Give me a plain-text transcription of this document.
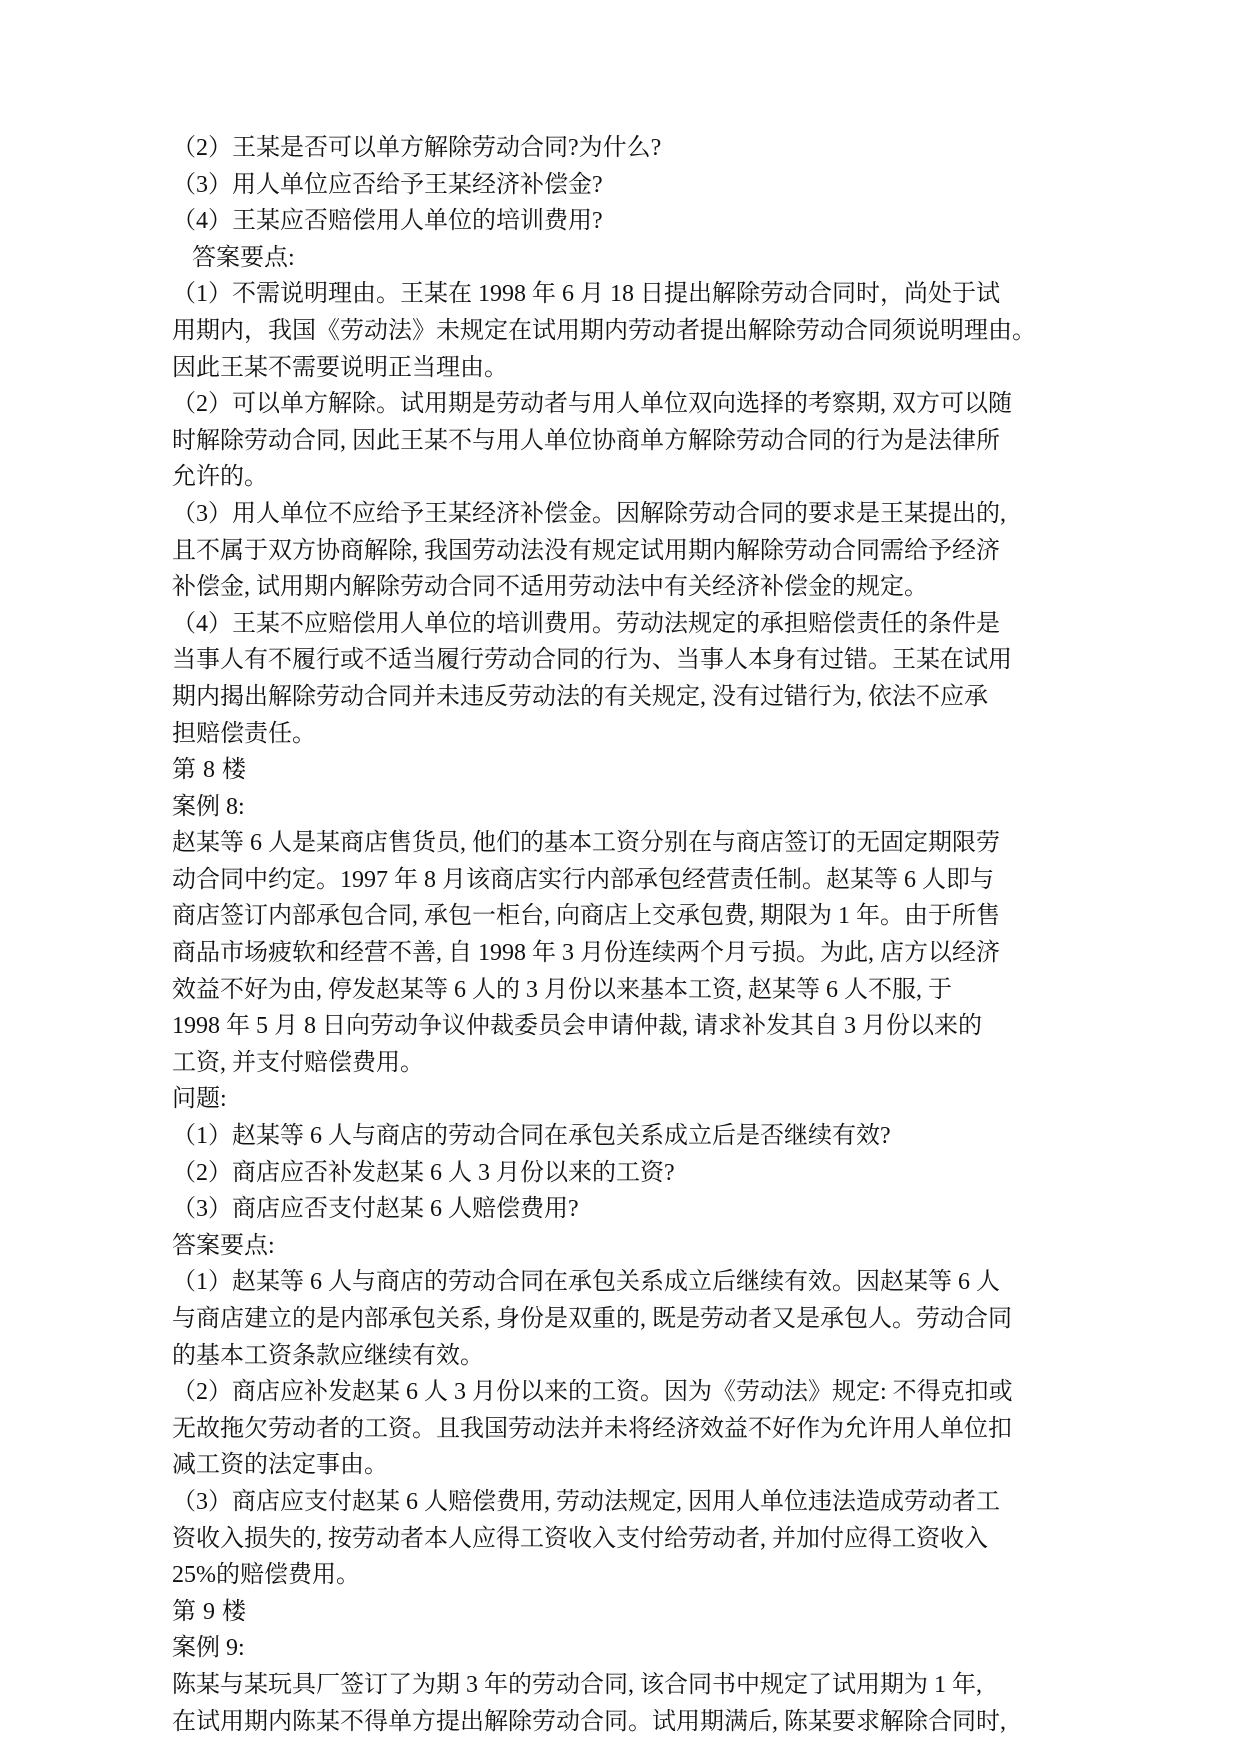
（2）王某是否可以单方解除劳动合同?为什么?
（3）用人单位应否给予王某经济补偿金?
（4）王某应否赔偿用人单位的培训费用?
答案要点:
（1）不需说明理由。王某在 1998 年 6 月 18 日提出解除劳动合同时，尚处于试
用期内，我国《劳动法》未规定在试用期内劳动者提出解除劳动合同须说明理由。
因此王某不需要说明正当理由。
（2）可以单方解除。试用期是劳动者与用人单位双向选择的考察期, 双方可以随
时解除劳动合同, 因此王某不与用人单位协商单方解除劳动合同的行为是法律所
允许的。
（3）用人单位不应给予王某经济补偿金。因解除劳动合同的要求是王某提出的,
且不属于双方协商解除, 我国劳动法没有规定试用期内解除劳动合同需给予经济
补偿金, 试用期内解除劳动合同不适用劳动法中有关经济补偿金的规定。
（4）王某不应赔偿用人单位的培训费用。劳动法规定的承担赔偿责任的条件是
当事人有不履行或不适当履行劳动合同的行为、当事人本身有过错。王某在试用
期内揭出解除劳动合同并未违反劳动法的有关规定, 没有过错行为, 依法不应承
担赔偿责任。
第 8 楼
案例 8:
赵某等 6 人是某商店售货员, 他们的基本工资分别在与商店签订的无固定期限劳
动合同中约定。1997 年 8 月该商店实行内部承包经营责任制。赵某等 6 人即与
商店签订内部承包合同, 承包一柜台, 向商店上交承包费, 期限为 1 年。由于所售
商品市场疲软和经营不善, 自 1998 年 3 月份连续两个月亏损。为此, 店方以经济
效益不好为由, 停发赵某等 6 人的 3 月份以来基本工资, 赵某等 6 人不服, 于
1998 年 5 月 8 日向劳动争议仲裁委员会申请仲裁, 请求补发其自 3 月份以来的
工资, 并支付赔偿费用。
问题:
（1）赵某等 6 人与商店的劳动合同在承包关系成立后是否继续有效?
（2）商店应否补发赵某 6 人 3 月份以来的工资?
（3）商店应否支付赵某 6 人赔偿费用?
答案要点:
（1）赵某等 6 人与商店的劳动合同在承包关系成立后继续有效。因赵某等 6 人
与商店建立的是内部承包关系, 身份是双重的, 既是劳动者又是承包人。劳动合同
的基本工资条款应继续有效。
（2）商店应补发赵某 6 人 3 月份以来的工资。因为《劳动法》规定: 不得克扣或
无故拖欠劳动者的工资。且我国劳动法并未将经济效益不好作为允许用人单位扣
减工资的法定事由。
（3）商店应支付赵某 6 人赔偿费用, 劳动法规定, 因用人单位违法造成劳动者工
资收入损失的, 按劳动者本人应得工资收入支付给劳动者, 并加付应得工资收入
25%的赔偿费用。
第 9 楼
案例 9:
陈某与某玩具厂签订了为期 3 年的劳动合同, 该合同书中规定了试用期为 1 年,
在试用期内陈某不得单方提出解除劳动合同。试用期满后, 陈某要求解除合同时,
